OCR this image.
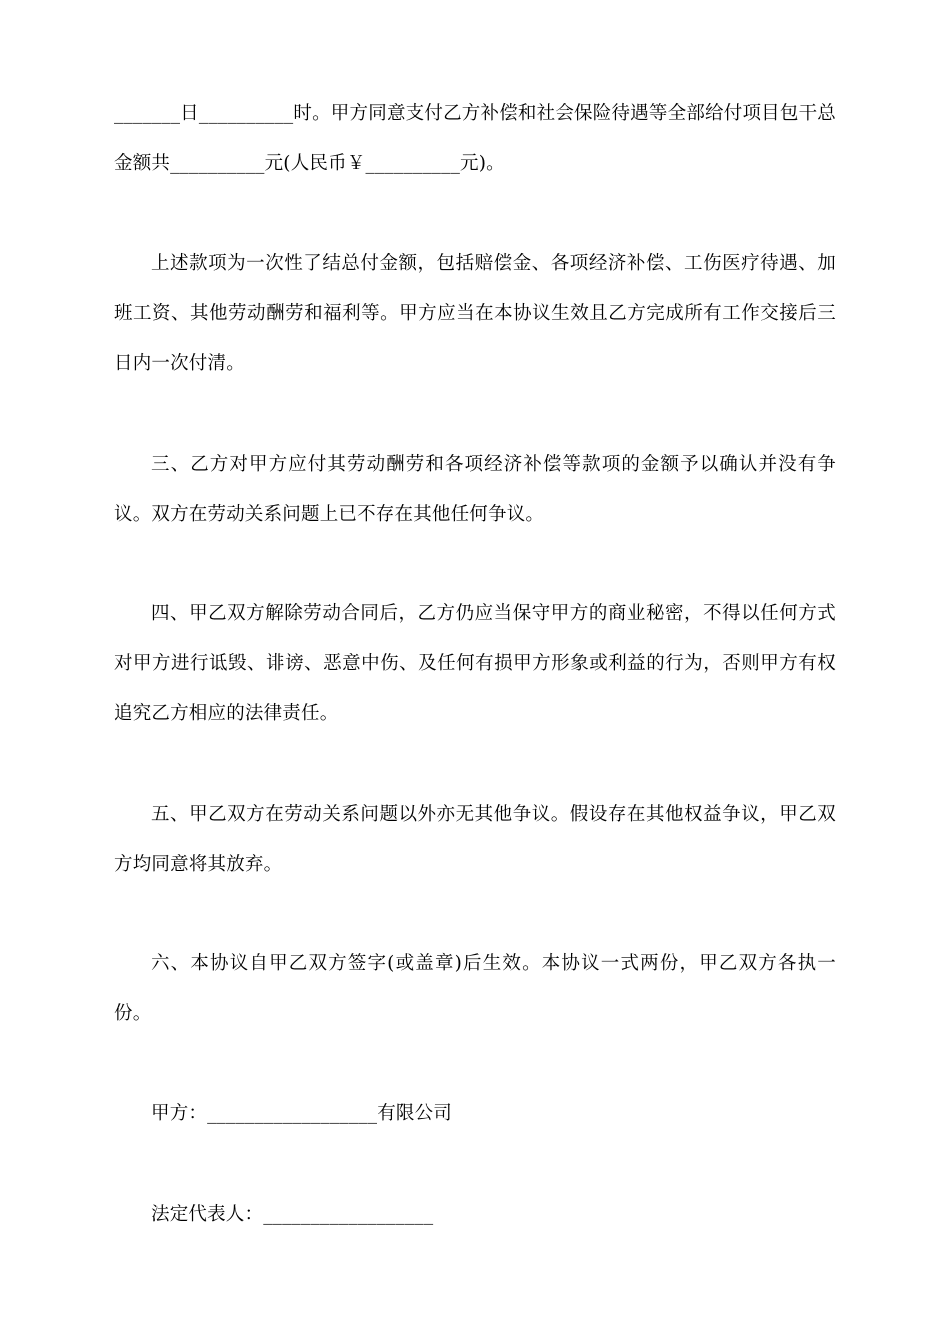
_______日__________时。甲方同意支付乙方补偿和社会保险待遇等全部给付项目包干总金额共__________元(人民币￥__________元)。

上述款项为一次性了结总付金额，包括赔偿金、各项经济补偿、工伤医疗待遇、加班工资、其他劳动酬劳和福利等。甲方应当在本协议生效且乙方完成所有工作交接后三日内一次付清。

三、乙方对甲方应付其劳动酬劳和各项经济补偿等款项的金额予以确认并没有争议。双方在劳动关系问题上已不存在其他任何争议。

四、甲乙双方解除劳动合同后，乙方仍应当保守甲方的商业秘密，不得以任何方式对甲方进行诋毁、诽谤、恶意中伤、及任何有损甲方形象或利益的行为，否则甲方有权追究乙方相应的法律责任。

五、甲乙双方在劳动关系问题以外亦无其他争议。假设存在其他权益争议，甲乙双方均同意将其放弃。

六、本协议自甲乙双方签字(或盖章)后生效。本协议一式两份，甲乙双方各执一份。

甲方：__________________有限公司

法定代表人：__________________
